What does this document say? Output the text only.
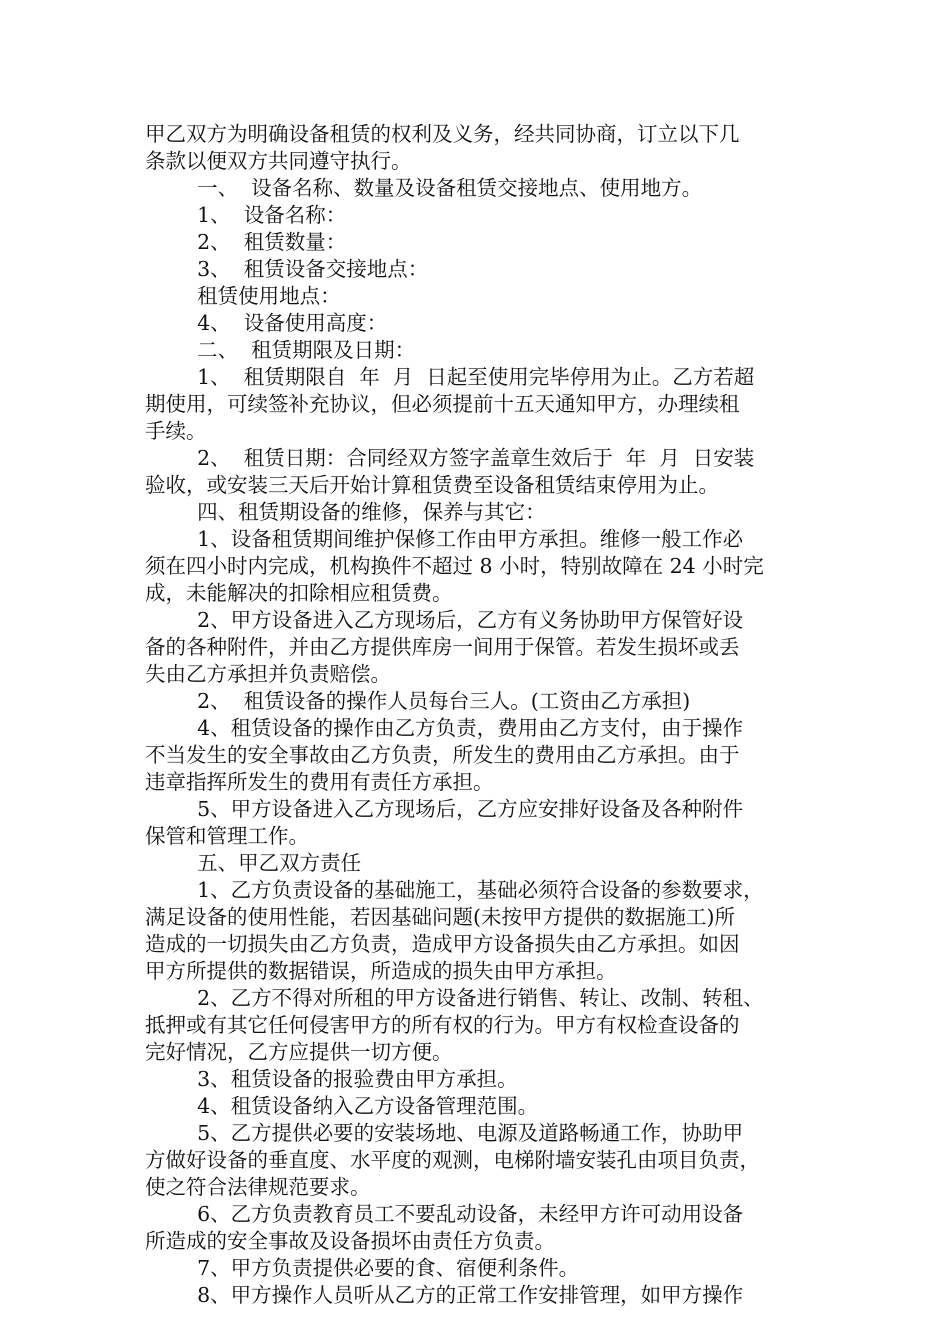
甲乙双方为明确设备租赁的权利及义务，经共同协商，订立以下几
条款以便双方共同遵守执行。
一、  设备名称、数量及设备租赁交接地点、使用地方。
1、  设备名称：
2、  租赁数量：
3、  租赁设备交接地点：
租赁使用地点：
4、  设备使用高度：
二、  租赁期限及日期：
1、  租赁期限自  年  月  日起至使用完毕停用为止。乙方若超
期使用，可续签补充协议，但必须提前十五天通知甲方，办理续租
手续。
2、  租赁日期：合同经双方签字盖章生效后于  年  月  日安装
验收，或安装三天后开始计算租赁费至设备租赁结束停用为止。
四、租赁期设备的维修，保养与其它：
1、设备租赁期间维护保修工作由甲方承担。维修一般工作必
须在四小时内完成，机构换件不超过 8 小时，特别故障在 24 小时完
成，未能解决的扣除相应租赁费。
2、甲方设备进入乙方现场后，乙方有义务协助甲方保管好设
备的各种附件，并由乙方提供库房一间用于保管。若发生损坏或丢
失由乙方承担并负责赔偿。
2、  租赁设备的操作人员每台三人。(工资由乙方承担)
4、租赁设备的操作由乙方负责，费用由乙方支付，由于操作
不当发生的安全事故由乙方负责，所发生的费用由乙方承担。由于
违章指挥所发生的费用有责任方承担。
5、甲方设备进入乙方现场后，乙方应安排好设备及各种附件
保管和管理工作。
五、甲乙双方责任
1、乙方负责设备的基础施工，基础必须符合设备的参数要求，
满足设备的使用性能，若因基础问题(未按甲方提供的数据施工)所
造成的一切损失由乙方负责，造成甲方设备损失由乙方承担。如因
甲方所提供的数据错误，所造成的损失由甲方承担。
2、乙方不得对所租的甲方设备进行销售、转让、改制、转租、
抵押或有其它任何侵害甲方的所有权的行为。甲方有权检查设备的
完好情况，乙方应提供一切方便。
3、租赁设备的报验费由甲方承担。
4、租赁设备纳入乙方设备管理范围。
5、乙方提供必要的安装场地、电源及道路畅通工作，协助甲
方做好设备的垂直度、水平度的观测，电梯附墙安装孔由项目负责，
使之符合法律规范要求。
6、乙方负责教育员工不要乱动设备，未经甲方许可动用设备
所造成的安全事故及设备损坏由责任方负责。
7、甲方负责提供必要的食、宿便利条件。
8、甲方操作人员听从乙方的正常工作安排管理，如甲方操作
